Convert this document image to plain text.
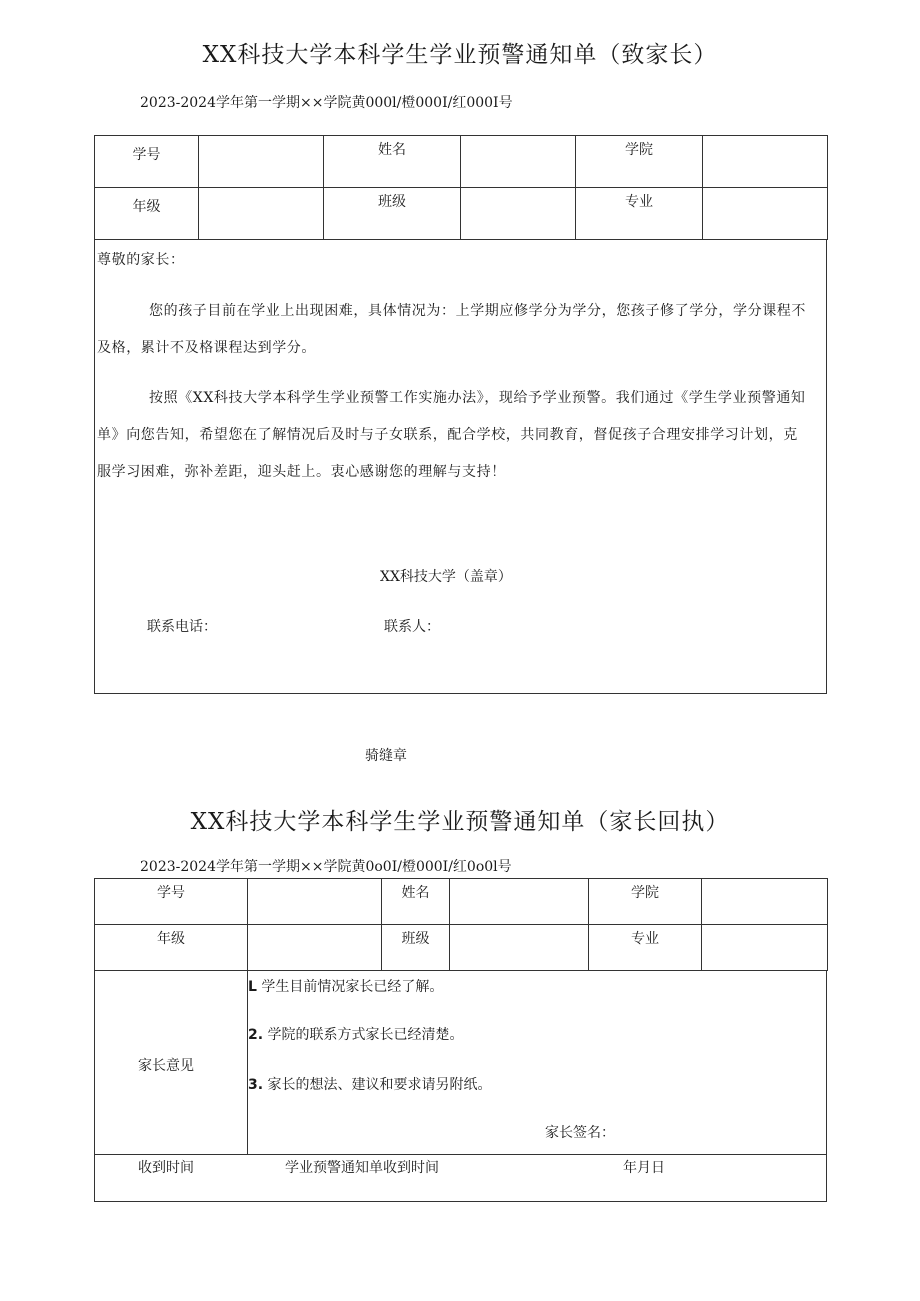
XX科技大学本科学生学业预警通知单（致家长）
2023-2024学年第一学期××学院黄000l/橙000I/红000I号
学号		姓名		学院	
年级		班级		专业	
尊敬的家长：
您的孩子目前在学业上出现困难，具体情况为：上学期应修学分为学分，您孩子修了学分，学分课程不及格，累计不及格课程达到学分。
按照《XX科技大学本科学生学业预警工作实施办法》，现给予学业预警。我们通过《学生学业预警通知单》向您告知，希望您在了解情况后及时与子女联系，配合学校，共同教育，督促孩子合理安排学习计划，克服学习困难，弥补差距，迎头赶上。衷心感谢您的理解与支持！
XX科技大学（盖章）
联系电话：	联系人：
骑缝章
XX科技大学本科学生学业预警通知单（家长回执）
2023-2024学年第一学期××学院黄0o0I/橙000I/红0o0l号
学号		姓名		学院	
年级		班级		专业	
家长意见
L 学生目前情况家长已经了解。
2. 学院的联系方式家长已经清楚。
3. 家长的想法、建议和要求请另附纸。
家长签名：
收到时间	学业预警通知单收到时间	年月日
